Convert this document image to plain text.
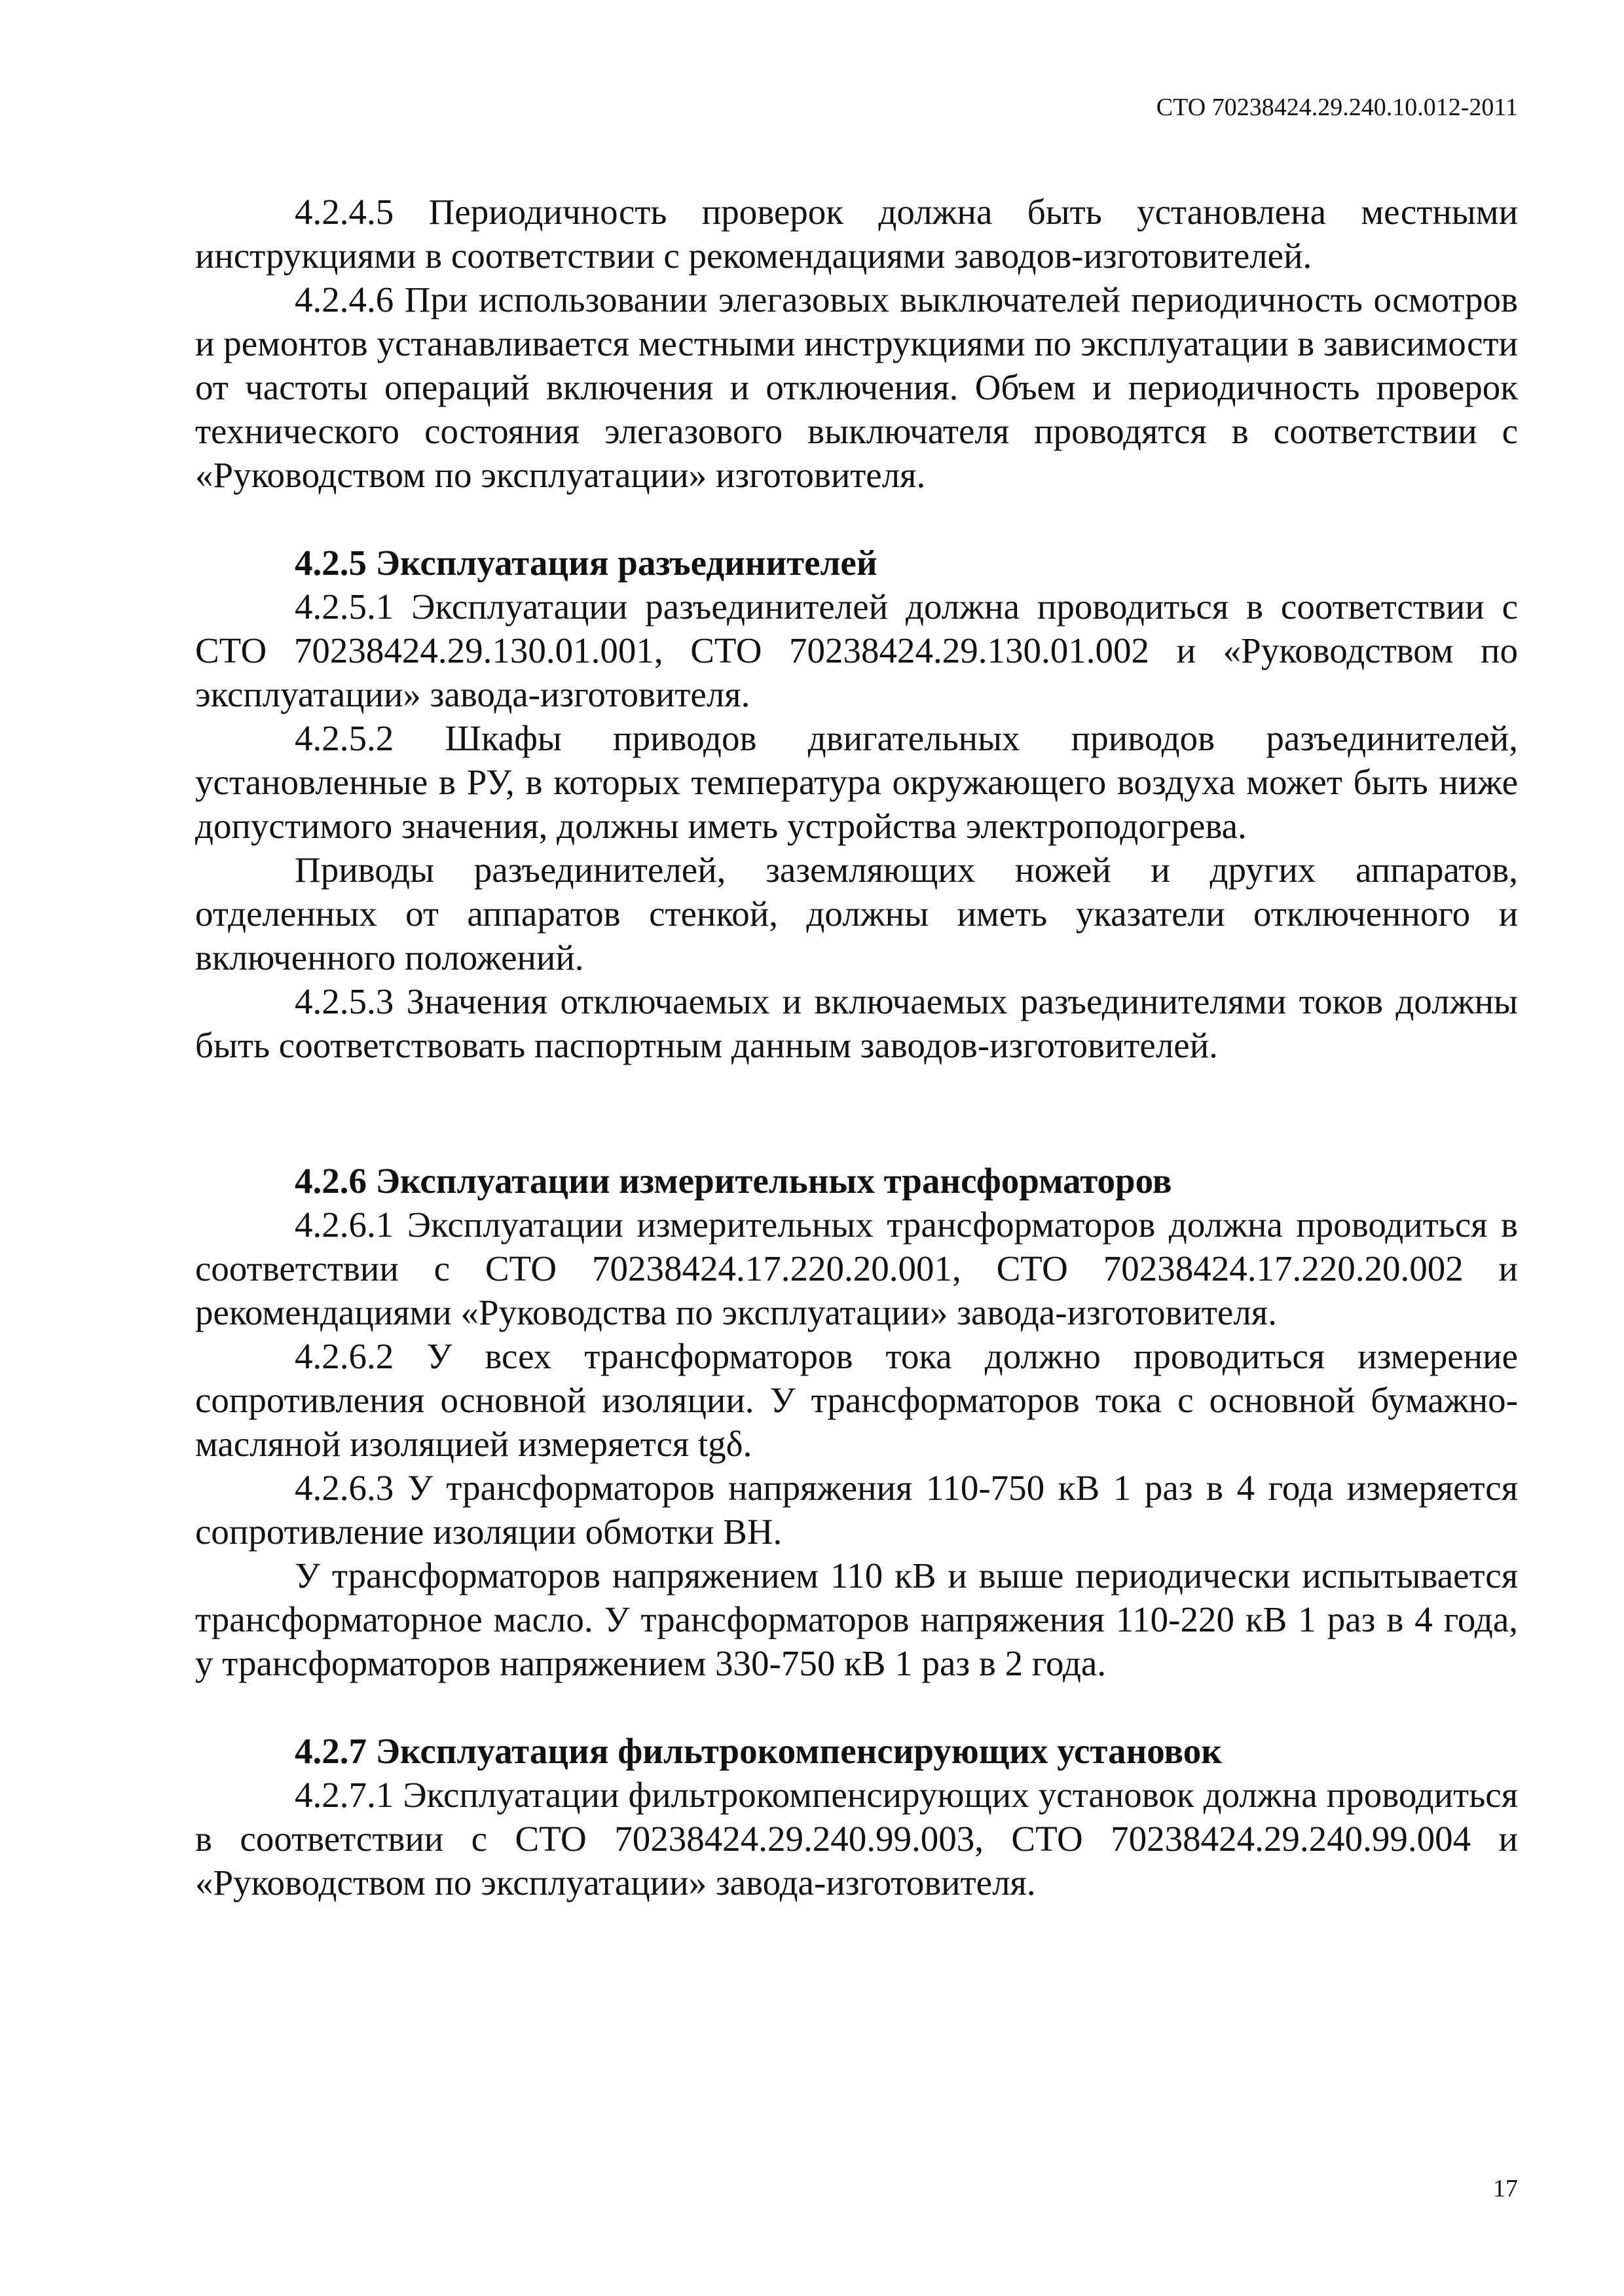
СТО 70238424.29.240.10.012-2011

4.2.4.5 Периодичность проверок должна быть установлена местными инструкциями в соответствии с рекомендациями заводов-изготовителей.

4.2.4.6 При использовании элегазовых выключателей периодичность осмотров и ремонтов устанавливается местными инструкциями по эксплуатации в зависимости от частоты операций включения и отключения. Объем и периодичность проверок технического состояния элегазового выключателя проводятся в соответствии с «Руководством по эксплуатации» изготовителя.

4.2.5 Эксплуатация разъединителей

4.2.5.1 Эксплуатации разъединителей должна проводиться в соответствии с СТО 70238424.29.130.01.001, СТО 70238424.29.130.01.002 и «Руководством по эксплуатации» завода-изготовителя.

4.2.5.2 Шкафы приводов двигательных приводов разъединителей, установленные в РУ, в которых температура окружающего воздуха может быть ниже допустимого значения, должны иметь устройства электроподогрева.

Приводы разъединителей, заземляющих ножей и других аппаратов, отделенных от аппаратов стенкой, должны иметь указатели отключенного и включенного положений.

4.2.5.3 Значения отключаемых и включаемых разъединителями токов должны быть соответствовать паспортным данным заводов-изготовителей.

4.2.6 Эксплуатации измерительных трансформаторов

4.2.6.1 Эксплуатации измерительных трансформаторов должна проводиться в соответствии с СТО 70238424.17.220.20.001, СТО 70238424.17.220.20.002 и рекомендациями «Руководства по эксплуатации» завода-изготовителя.

4.2.6.2 У всех трансформаторов тока должно проводиться измерение сопротивления основной изоляции. У трансформаторов тока с основной бумажно-масляной изоляцией измеряется tgδ.

4.2.6.3 У трансформаторов напряжения 110-750 кВ 1 раз в 4 года измеряется сопротивление изоляции обмотки ВН.

У трансформаторов напряжением 110 кВ и выше периодически испытывается трансформаторное масло. У трансформаторов напряжения 110-220 кВ 1 раз в 4 года, у трансформаторов напряжением 330-750 кВ 1 раз в 2 года.

4.2.7 Эксплуатация фильтрокомпенсирующих установок

4.2.7.1 Эксплуатации фильтрокомпенсирующих установок должна проводиться в соответствии с СТО 70238424.29.240.99.003, СТО 70238424.29.240.99.004 и «Руководством по эксплуатации» завода-изготовителя.

17
